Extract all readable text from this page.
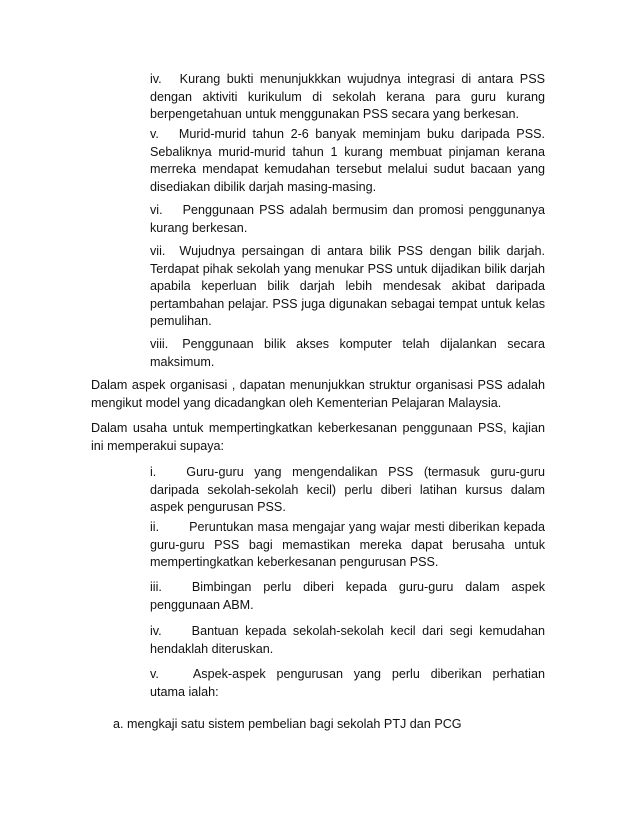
iv. Kurang bukti menunjukkkan wujudnya integrasi di antara PSS dengan aktiviti kurikulum di sekolah kerana para guru kurang berpengetahuan untuk menggunakan PSS secara yang berkesan.

v. Murid-murid tahun 2-6 banyak meminjam buku daripada PSS. Sebaliknya murid-murid tahun 1 kurang membuat pinjaman kerana merreka mendapat kemudahan tersebut melalui sudut bacaan yang disediakan dibilik darjah masing-masing.

vi. Penggunaan PSS adalah bermusim dan promosi penggunanya kurang berkesan.

vii. Wujudnya persaingan di antara bilik PSS dengan bilik darjah. Terdapat pihak sekolah yang menukar PSS untuk dijadikan bilik darjah apabila keperluan bilik darjah lebih mendesak akibat daripada pertambahan pelajar. PSS juga digunakan sebagai tempat untuk kelas pemulihan.

viii. Penggunaan bilik akses komputer telah dijalankan secara maksimum.

Dalam aspek organisasi , dapatan menunjukkan struktur organisasi PSS adalah mengikut model yang dicadangkan oleh Kementerian Pelajaran Malaysia.

Dalam usaha untuk mempertingkatkan keberkesanan penggunaan PSS, kajian ini memperakui supaya:

i. Guru-guru yang mengendalikan PSS (termasuk guru-guru daripada sekolah-sekolah kecil) perlu diberi latihan kursus dalam aspek pengurusan PSS.

ii. Peruntukan masa mengajar yang wajar mesti diberikan kepada guru-guru PSS bagi memastikan mereka dapat berusaha untuk mempertingkatkan keberkesanan pengurusan PSS.

iii. Bimbingan perlu diberi kepada guru-guru dalam aspek penggunaan ABM.

iv. Bantuan kepada sekolah-sekolah kecil dari segi kemudahan hendaklah diteruskan.

v.	Aspek-aspek pengurusan yang perlu diberikan perhatian utama ialah:

a. mengkaji satu sistem pembelian bagi sekolah PTJ dan PCG
